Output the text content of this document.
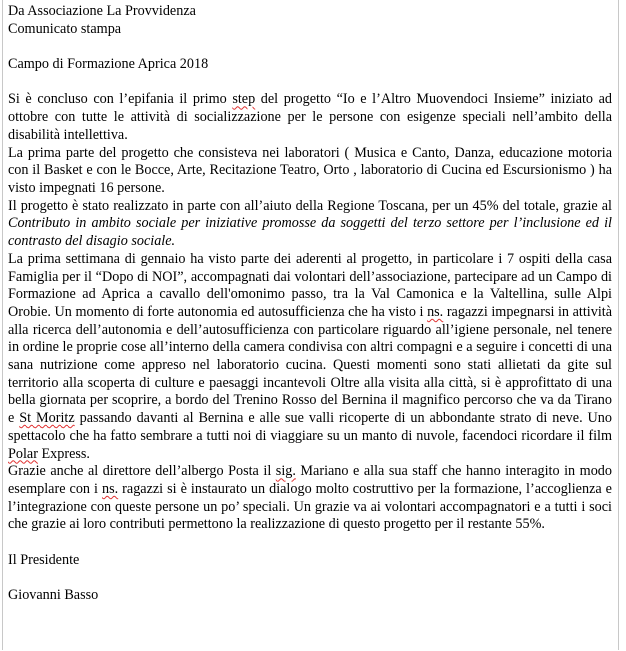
Da Associazione La Provvidenza

Comunicato stampa

Campo di Formazione Aprica 2018

Si è concluso con l’epifania il primo step del progetto “Io e l’Altro Muovendoci Insieme” iniziato ad ottobre con tutte le attività di socializzazione per le persone con esigenze speciali nell’ambito della disabilità intellettiva.

La prima parte del progetto che consisteva nei laboratori ( Musica e Canto, Danza, educazione motoria con il Basket e con le Bocce, Arte, Recitazione Teatro, Orto , laboratorio di Cucina ed Escursionismo ) ha visto impegnati 16 persone.

Il progetto è stato realizzato in parte con all’aiuto della Regione Toscana, per un 45% del totale, grazie al Contributo in ambito sociale per iniziative promosse da soggetti del terzo settore per l’inclusione ed il contrasto del disagio sociale.

La prima settimana di gennaio ha visto parte dei aderenti al progetto, in particolare i 7 ospiti della casa Famiglia per il “Dopo di NOI”, accompagnati dai volontari dell’associazione, partecipare ad un Campo di Formazione ad Aprica a cavallo dell'omonimo passo, tra la Val Camonica e la Valtellina, sulle Alpi Orobie. Un momento di forte autonomia ed autosufficienza che ha visto i ns. ragazzi impegnarsi in attività alla ricerca dell’autonomia e dell’autosufficienza con particolare riguardo all’igiene personale, nel tenere in ordine le proprie cose all’interno della camera condivisa con altri compagni e a seguire i concetti di una sana nutrizione come appreso nel laboratorio cucina. Questi momenti sono stati allietati da gite sul territorio alla scoperta di culture e paesaggi incantevoli Oltre alla visita alla città, si è approfittato di una bella giornata per scoprire, a bordo del Trenino Rosso del Bernina il magnifico percorso che va da Tirano e St Moritz passando davanti al Bernina e alle sue valli ricoperte di un abbondante strato di neve. Uno spettacolo che ha fatto sembrare a tutti noi di viaggiare su un manto di nuvole, facendoci ricordare il film Polar Express.

Grazie anche al direttore dell’albergo Posta il sig. Mariano e alla sua staff che hanno interagito in modo esemplare con i ns. ragazzi si è instaurato un dialogo molto costruttivo per la formazione, l’accoglienza e l’integrazione con queste persone un po’ speciali. Un grazie va ai volontari accompagnatori e a tutti i soci che grazie ai loro contributi permettono la realizzazione di questo progetto per il restante 55%.

Il Presidente

Giovanni Basso
